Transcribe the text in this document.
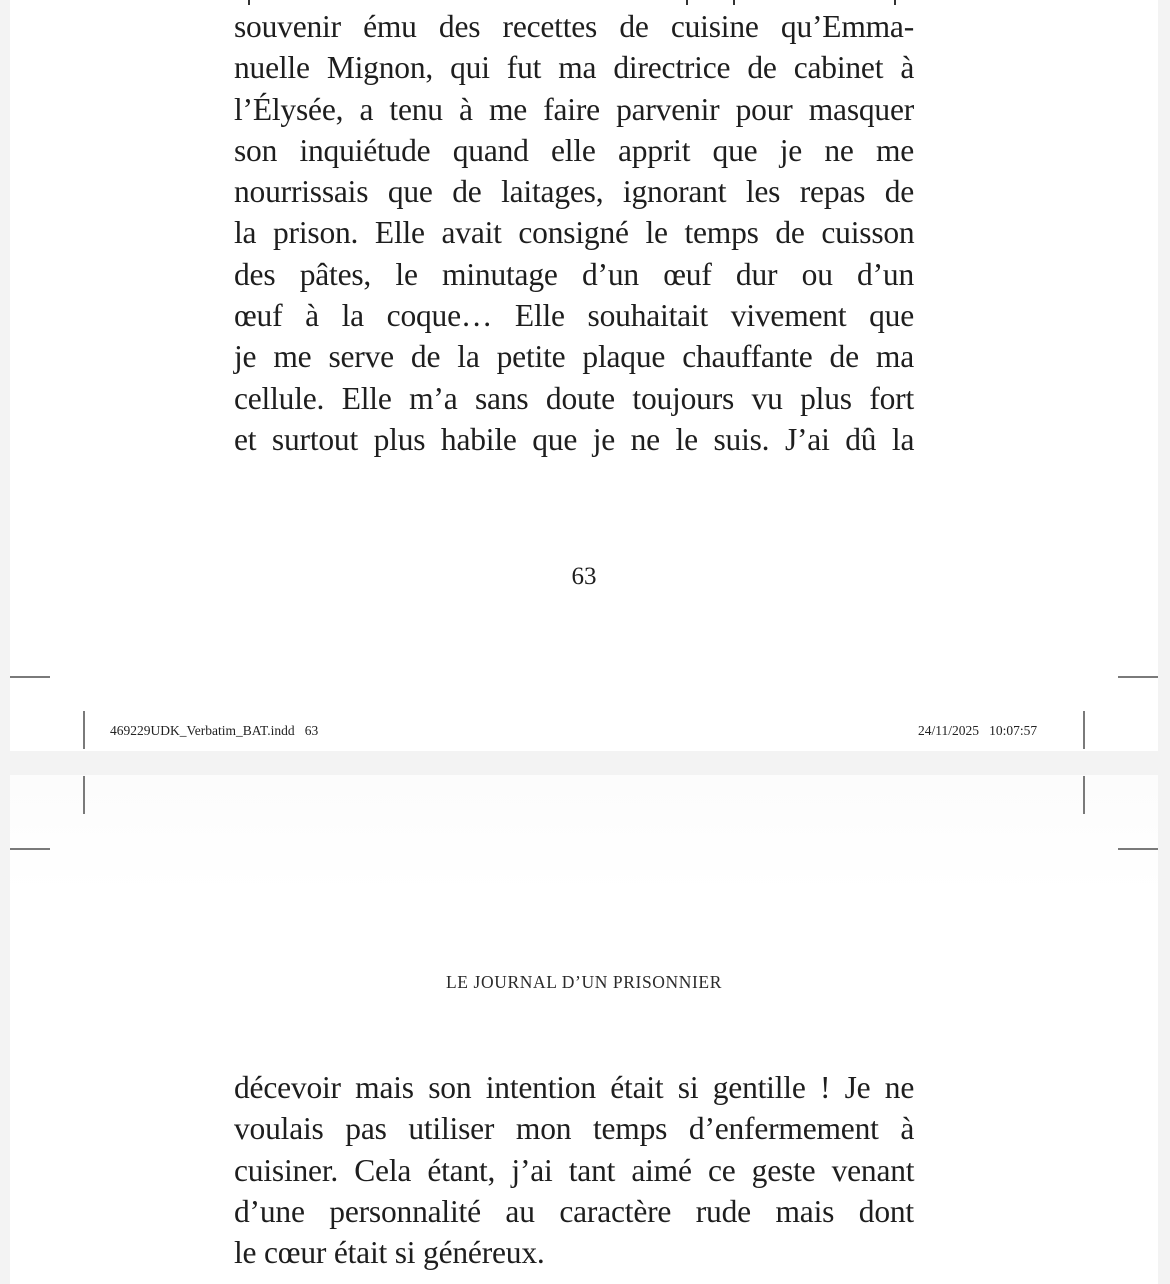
souvenir ému des recettes de cuisine qu’Emma-
nuelle Mignon, qui fut ma directrice de cabinet à
l’Élysée, a tenu à me faire parvenir pour masquer
son inquiétude quand elle apprit que je ne me
nourrissais que de laitages, ignorant les repas de
la prison. Elle avait consigné le temps de cuisson
des pâtes, le minutage d’un œuf dur ou d’un
œuf à la coque… Elle souhaitait vivement que
je me serve de la petite plaque chauffante de ma
cellule. Elle m’a sans doute toujours vu plus fort
et surtout plus habile que je ne le suis. J’ai dû la
63
469229UDK_Verbatim_BAT.indd   63	24/11/2025   10:07:57
LE JOURNAL D’UN PRISONNIER
décevoir mais son intention était si gentille ! Je ne
voulais pas utiliser mon temps d’enfermement à
cuisiner. Cela étant, j’ai tant aimé ce geste venant
d’une personnalité au caractère rude mais dont
le cœur était si généreux.
